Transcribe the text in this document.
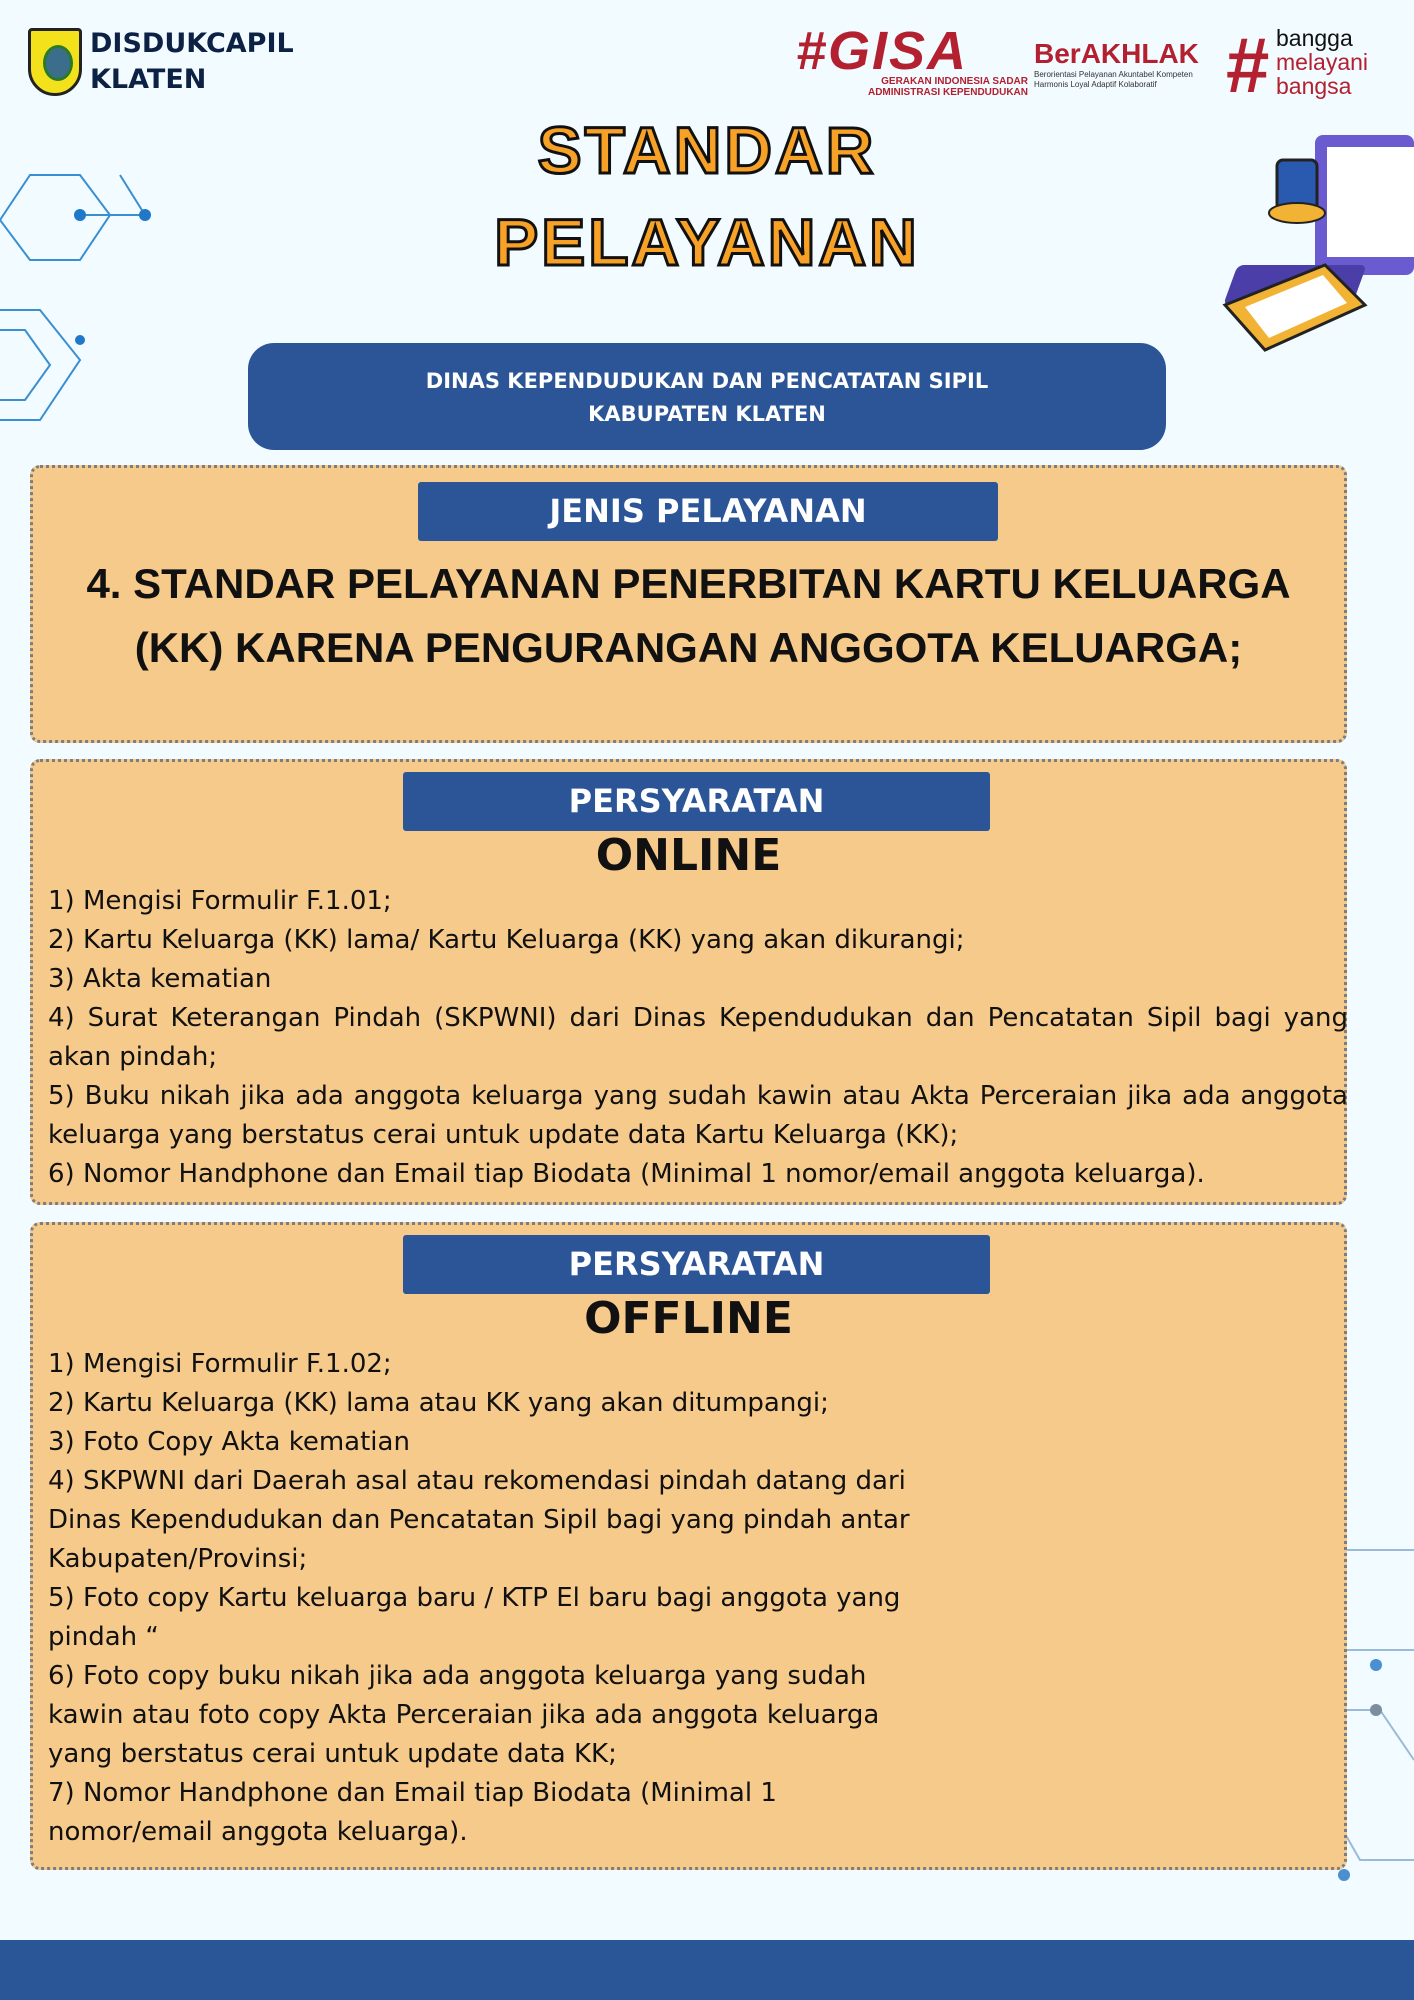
DISDUKCAPIL
KLATEN	#GISA
GERAKAN INDONESIA SADAR
ADMINISTRASI KEPENDUDUKAN
BerAKHLAK
Berorientasi Pelayanan Akuntabel Kompeten
Harmonis Loyal Adaptif Kolaboratif # bangga
melayani
bangsa
STANDAR
PELAYANAN
DINAS KEPENDUDUKAN DAN PENCATATAN SIPIL
KABUPATEN KLATEN
JENIS PELAYANAN
4. STANDAR PELAYANAN PENERBITAN KARTU KELUARGA (KK) KARENA PENGURANGAN ANGGOTA KELUARGA;
PERSYARATAN
ONLINE
1) Mengisi Formulir F.1.01;
2) Kartu Keluarga (KK) lama/ Kartu Keluarga (KK) yang akan dikurangi;
3) Akta kematian
4) Surat Keterangan Pindah (SKPWNI) dari Dinas Kependudukan dan Pencatatan Sipil bagi yang akan pindah;
5) Buku nikah jika ada anggota keluarga yang sudah kawin atau Akta Perceraian jika ada anggota keluarga yang berstatus cerai untuk update data Kartu Keluarga (KK);
6) Nomor Handphone dan Email tiap Biodata (Minimal 1 nomor/email anggota keluarga).
PERSYARATAN
OFFLINE
1) Mengisi Formulir F.1.02;
2) Kartu Keluarga (KK) lama atau KK yang akan ditumpangi;
3) Foto Copy Akta kematian
4) SKPWNI dari Daerah asal atau rekomendasi pindah datang dari Dinas Kependudukan dan Pencatatan Sipil bagi yang pindah antar Kabupaten/Provinsi;
5) Foto copy Kartu keluarga baru / KTP El baru bagi anggota yang pindah “
6) Foto copy buku nikah jika ada anggota keluarga yang sudah kawin atau foto copy Akta Perceraian jika ada anggota keluarga yang berstatus cerai untuk update data KK;
7) Nomor Handphone dan Email tiap Biodata (Minimal 1 nomor/email anggota keluarga).
